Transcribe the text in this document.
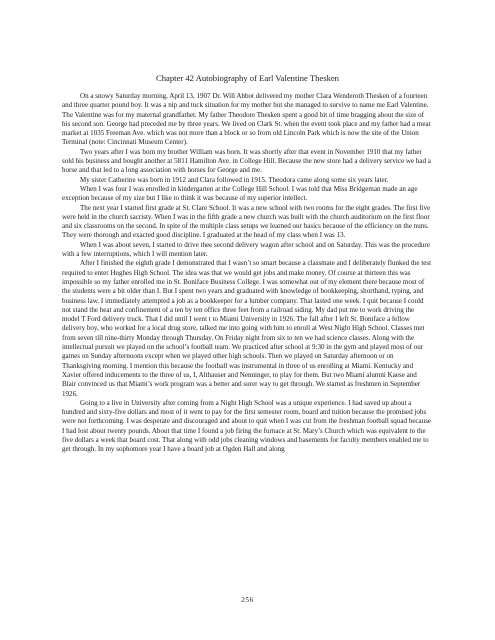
Chapter 42 Autobiography of Earl Valentine Thesken

On a snowy Saturday morning, April 13, 1907 Dr. Will Abbot delivered my mother Clara Wenderoth Thesken of a fourteen and three quarter pound boy. It was a nip and tuck situation for my mother but she managed to survive to name me Earl Valentine. The Valentine was for my maternal grandfather. My father Theodore Thesken spent a good bit of time bragging about the size of his second son. George had preceded me by three years. We lived on Clark St. when the event took place and my father had a meat market at 1035 Freeman Ave. which was not more than a block or so from old Lincoln Park which is now the site of the Union Terminal (note: Cincinnati Museum Center).

Two years after I was born my brother William was born. It was shortly after that event in November 1910 that my father sold his business and bought another at 5811 Hamilton Ave. in College Hill. Because the new store had a delivery service we had a horse and that led to a long association with horses for George and me.

My sister Catherine was born in 1912 and Clara followed in 1915. Theodora came along some six years later.

When I was four I was enrolled in kindergarten at the College Hill School. I was told that Miss Bridgeman made an age exception because of my size but I like to think it was because of my superior intellect.

The next year I started first grade at St. Clare School. It was a new school with two rooms for the eight grades. The first five were held in the church sacristy. When I was in the fifth grade a new church was built with the church auditorium on the first floor and six classrooms on the second. In spite of the multiple class setups we learned our basics because of the efficiency on the nuns. They were thorough and exacted good discipline. I graduated at the head of my class when I was 13.

When I was about seven, I started to drive thee second delivery wagon after school and on Saturday. This was the procedure with a few interruptions, which I will mention later.

After I finished the eighth grade I demonstrated that I wasn’t so smart because a classmate and I deliberately flunked the test required to enter Hughes High School. The idea was that we would get jobs and make money. Of course at thirteen this was impossible so my father enrolled me in St. Boniface Business College. I was somewhat out of my element there because most of the students were a bit older than I. But I spent two years and graduated with knowledge of bookkeeping, shorthand, typing, and business law. I immediately attempted a job as a bookkeeper for a lumber company. That lasted one week. I quit because I could not stand the heat and confinement of a ten by ten office three feet from a railroad siding. My dad put me to work driving the model T Ford delivery truck. That I did until I went t to Miami University in 1926. The fall after I left St. Boniface a fellow delivery boy, who worked for a local drug store, talked me into going with him to enroll at West Night High School. Classes met from seven till nine-thirty Monday through Thursday. On Friday night from six to ten we had science classes. Along with the intellectual pursuit we played on the school’s football team. We practiced after school at 9:30 in the gym and played most of our games on Sunday afternoons except when we played other high schools. Then we played on Saturday afternoon or on Thanksgiving morning. I mention this because the football was instrumental in three of us enrolling at Miami. Kentucky and Xavier offered inducements to the three of us, I, Althauser and Nenninger, to play for them. But two Miami alumni Kaese and Blair convinced us that Miami’s work program was a better and surer way to get through. We started as freshmen in September 1926.

Going to a live in University after coming from a Night High School was a unique experience. I had saved up about a hundred and sixty-five dollars and most of it went to pay for the first semester room, board and tuition because the promised jobs were not forthcoming. I was desperate and discouraged and about to quit when I was cut from the freshman football squad because I had lost about twenty pounds. About that time I found a job firing the furnace at St. Mary’s Church which was equivalent to the five dollars a week that board cost. That along with odd jobs cleaning windows and basements for faculty members enabled me to get through. In my sophomore year I have a board job at Ogden Hall and along

256
